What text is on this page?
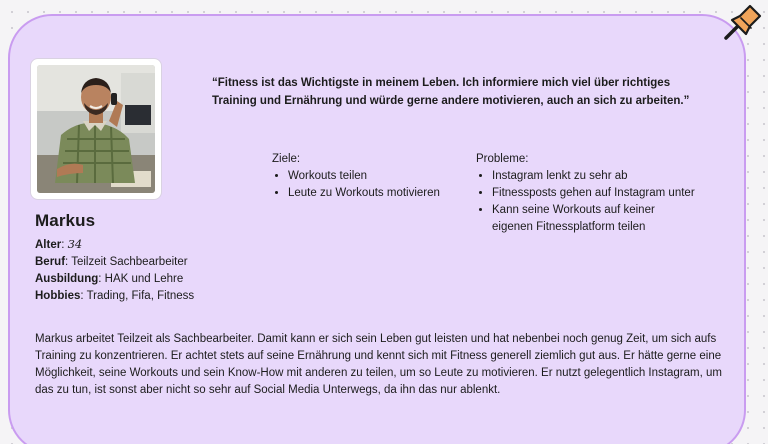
Markus
Alter: 34
Beruf: Teilzeit Sachbearbeiter
Ausbildung: HAK und Lehre
Hobbies: Trading, Fifa, Fitness
“Fitness ist das Wichtigste in meinem Leben. Ich informiere mich viel über richtiges Training und Ernährung und würde gerne andere motivieren, auch an sich zu arbeiten.”
Ziele:
• Workouts teilen
• Leute zu Workouts motivieren
Probleme:
• Instagram lenkt zu sehr ab
• Fitnessposts gehen auf Instagram unter
• Kann seine Workouts auf keiner eigenen Fitnessplatform teilen
Markus arbeitet Teilzeit als Sachbearbeiter. Damit kann er sich sein Leben gut leisten und hat nebenbei noch genug Zeit, um sich aufs Training zu konzentrieren. Er achtet stets auf seine Ernährung und kennt sich mit Fitness generell ziemlich gut aus. Er hätte gerne eine Möglichkeit, seine Workouts und sein Know-How mit anderen zu teilen, um so Leute zu motivieren. Er nutzt gelegentlich Instagram, um das zu tun, ist sonst aber nicht so sehr auf Social Media Unterwegs, da ihn das nur ablenkt.
